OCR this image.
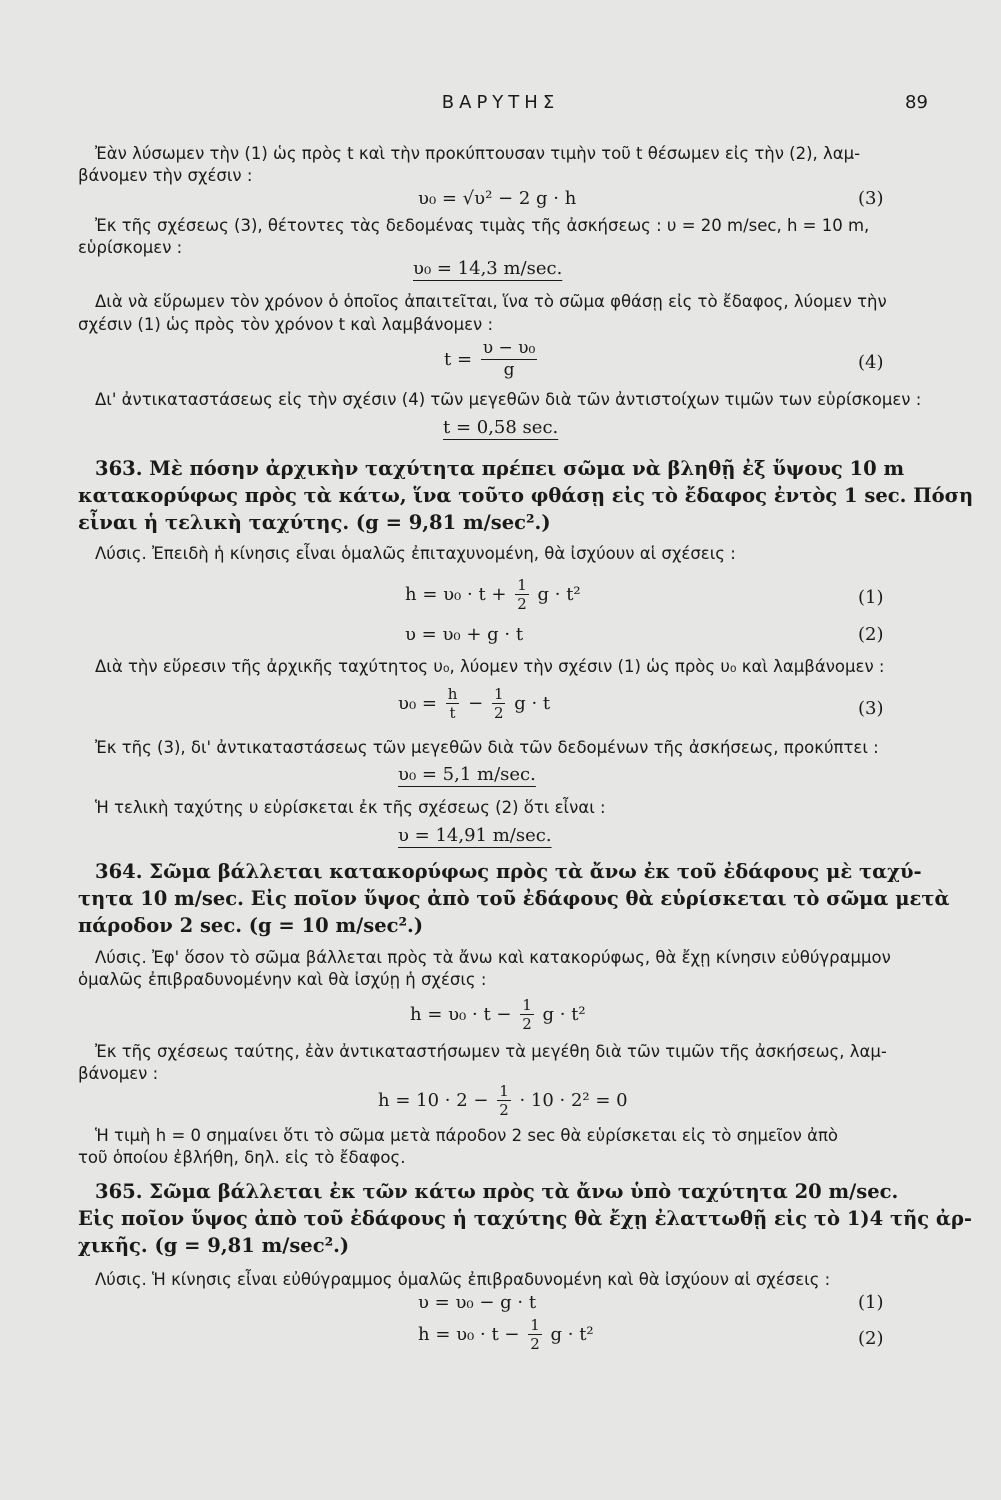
ΒΑΡΥΤΗΣ	89
Ἐὰν λύσωμεν τὴν (1) ὡς πρὸς t καὶ τὴν προκύπτουσαν τιμὴν τοῦ t θέσωμεν εἰς τὴν (2), λαμ-
βάνομεν τὴν σχέσιν :
υ₀ = √υ² − 2 g · h	(3)
Ἐκ τῆς σχέσεως (3), θέτοντες τὰς δεδομένας τιμὰς τῆς ἀσκήσεως : υ = 20 m/sec, h = 10 m,
εὑρίσκομεν :
υ₀ = 14,3 m/sec.
Διὰ νὰ εὕρωμεν τὸν χρόνον ὁ ὁποῖος ἀπαιτεῖται, ἵνα τὸ σῶμα φθάσῃ εἰς τὸ ἔδαφος, λύομεν τὴν
σχέσιν (1) ὡς πρὸς τὸν χρόνον t καὶ λαμβάνομεν :
$t = \frac{\text{υ − υ₀}}{g}$	(4)
Δι' ἀντικαταστάσεως εἰς τὴν σχέσιν (4) τῶν μεγεθῶν διὰ τῶν ἀντιστοίχων τιμῶν των εὑρίσκομεν :
t = 0,58 sec.
363. Μὲ πόσην ἀρχικὴν ταχύτητα πρέπει σῶμα νὰ βληθῇ ἐξ ὕψους 10 m
κατακορύφως πρὸς τὰ κάτω, ἵνα τοῦτο φθάσῃ εἰς τὸ ἔδαφος ἐντὸς 1 sec. Πόση
εἶναι ἡ τελικὴ ταχύτης. (g = 9,81 m/sec².)
Λύσις. Ἐπειδὴ ἡ κίνησις εἶναι ὁμαλῶς ἐπιταχυνομένη, θὰ ἰσχύουν αἱ σχέσεις :
$h = \upsilon_0 \cdot t + \frac{1}{2}$ g · t²	(1)
υ = υ₀ + g · t	(2)
Διὰ τὴν εὕρεσιν τῆς ἀρχικῆς ταχύτητος υ₀, λύομεν τὴν σχέσιν (1) ὡς πρὸς υ₀ καὶ λαμβάνομεν :
$\upsilon_0 = \frac{h}{t} - \frac{1}{2}$ g · t	(3)
Ἐκ τῆς (3), δι' ἀντικαταστάσεως τῶν μεγεθῶν διὰ τῶν δεδομένων τῆς ἀσκήσεως, προκύπτει :
υ₀ = 5,1 m/sec.
Ἡ τελικὴ ταχύτης υ εὑρίσκεται ἐκ τῆς σχέσεως (2) ὅτι εἶναι :
υ = 14,91 m/sec.
364. Σῶμα βάλλεται κατακορύφως πρὸς τὰ ἄνω ἐκ τοῦ ἐδάφους μὲ ταχύ-
τητα 10 m/sec. Εἰς ποῖον ὕψος ἀπὸ τοῦ ἐδάφους θὰ εὑρίσκεται τὸ σῶμα μετὰ
πάροδον 2 sec. (g = 10 m/sec².)
Λύσις. Ἐφ' ὅσον τὸ σῶμα βάλλεται πρὸς τὰ ἄνω καὶ κατακορύφως, θὰ ἔχῃ κίνησιν εὐθύγραμμον
ὁμαλῶς ἐπιβραδυνομένην καὶ θὰ ἰσχύῃ ἡ σχέσις :
$h = \upsilon_0 \cdot t - \frac{1}{2}$ g · t²
Ἐκ τῆς σχέσεως ταύτης, ἐὰν ἀντικαταστήσωμεν τὰ μεγέθη διὰ τῶν τιμῶν τῆς ἀσκήσεως, λαμ-
βάνομεν :
$h = 10 \cdot 2 - \frac{1}{2} \cdot 10 \cdot 2^2 = 0$
Ἡ τιμὴ h = 0 σημαίνει ὅτι τὸ σῶμα μετὰ πάροδον 2 sec θὰ εὑρίσκεται εἰς τὸ σημεῖον ἀπὸ
τοῦ ὁποίου ἐβλήθη, δηλ. εἰς τὸ ἔδαφος.
365. Σῶμα βάλλεται ἐκ τῶν κάτω πρὸς τὰ ἄνω ὑπὸ ταχύτητα 20 m/sec.
Εἰς ποῖον ὕψος ἀπὸ τοῦ ἐδάφους ἡ ταχύτης θὰ ἔχῃ ἐλαττωθῇ εἰς τὸ 1)4 τῆς ἀρ-
χικῆς. (g = 9,81 m/sec².)
Λύσις. Ἡ κίνησις εἶναι εὐθύγραμμος ὁμαλῶς ἐπιβραδυνομένη καὶ θὰ ἰσχύουν αἱ σχέσεις :
υ = υ₀ − g · t	(1)
$h = \upsilon_0 \cdot t - \frac{1}{2}$ g · t²	(2)
